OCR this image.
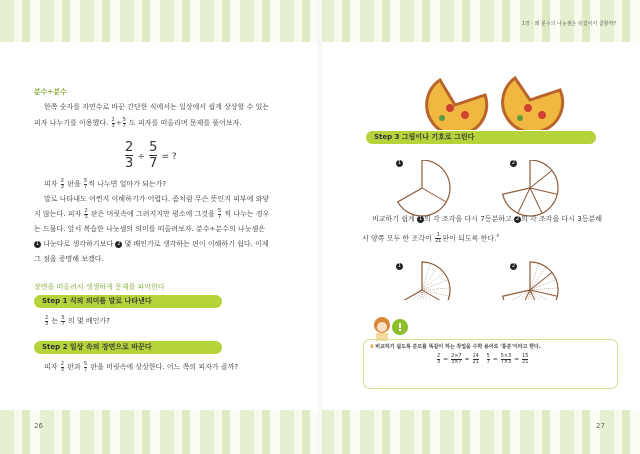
1장 · 왜 분수의 나눗셈은 뒤집어서 곱할까?
분수÷분수
한쪽 숫자를 자연수로 바꾼 간단한 식에서는 일상에서 쉽게 상상할 수 있는
피자 나누기를 이용했다. $\frac{2}{3} \div \frac{5}{7}$ 도 피자를 떠올리며 문제를 풀어보자.
$\frac{2}{3} \div \frac{5}{7}$ = ?
피자 $\frac{2}{3}$ 판을 $\frac{5}{7}$ 씩 나누면 얼마가 되는가?
말로 나타내도 어쩐지 이해하기가 어렵다. 좀처럼 무슨 뜻인지 피부에 와닿
지 않는다. 피자 $\frac{2}{3}$ 판은 머릿속에 그려지지만 평소에 그것을 $\frac{5}{7}$ 씩 나누는 경우
는 드물다. 앞서 복습한 나눗셈의 의미를 떠올려보자. 분수÷분수의 나눗셈은
1 나눈다로 생각하기보다 2 몇 배인가로 생각하는 편이 이해하기 쉽다. 이제
그 점을 증명해 보겠다.
장면을 떠올려서 생생하게 문제를 파악한다
Step 1 식의 의미를 말로 나타낸다
$\frac{2}{3}$ 는 $\frac{5}{7}$ 의 몇 배인가?
Step 2 일상 속의 장면으로 바꾼다
피자 $\frac{2}{3}$ 판과 $\frac{5}{7}$ 판을 머릿속에 상상한다. 어느 쪽의 피자가 클까?
26
Step 3 그림이나 기호로 그린다
1	2
비교하기 쉽게 1 의 각 조각을 다시 7등분하고 2 의 각 조각을 다시 3등분해
서 양쪽 모두 한 조각이 $\frac{1}{21}$ 판이 되도록 한다.$^4$
1	2
!
4 비교하기 쉽도록 분모를 똑같이 하는 작업을 수학 용어로 '통분'이라고 한다.
$\frac{2}{3} = \frac{2\times 7}{3\times 7} = \frac{14}{21}$
$\frac{5}{7} = \frac{5\times 3}{7\times 3} = \frac{15}{21}$
27
